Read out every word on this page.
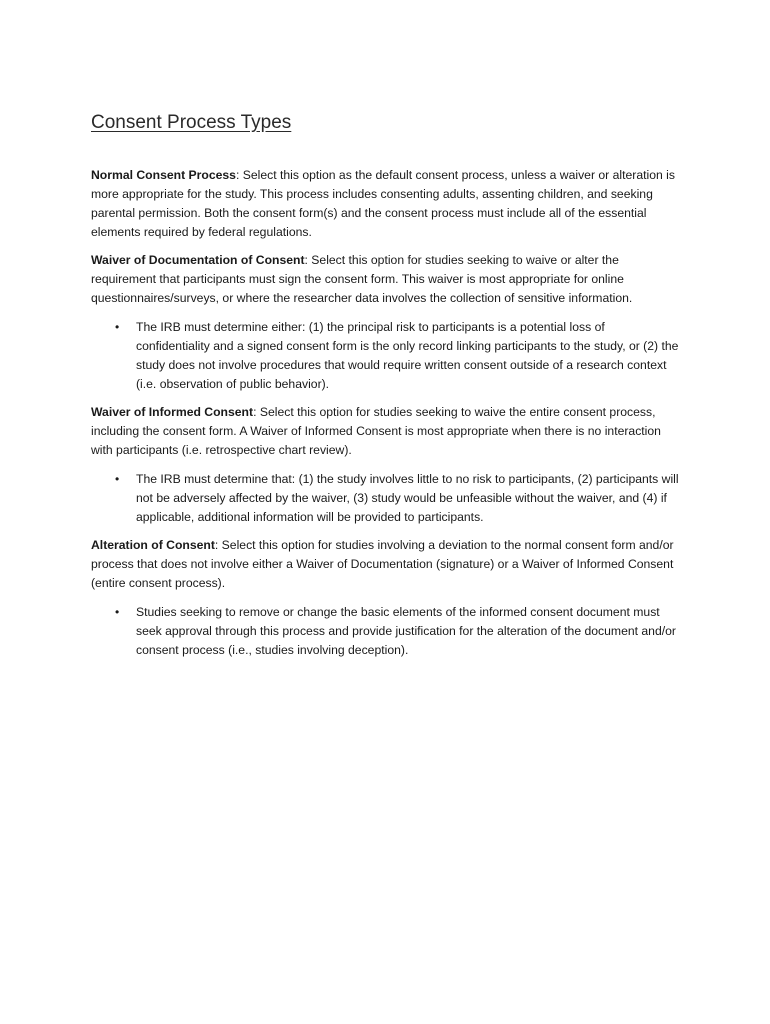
Consent Process Types

Normal Consent Process: Select this option as the default consent process, unless a waiver or alteration is more appropriate for the study. This process includes consenting adults, assenting children, and seeking parental permission. Both the consent form(s) and the consent process must include all of the essential elements required by federal regulations.

Waiver of Documentation of Consent: Select this option for studies seeking to waive or alter the requirement that participants must sign the consent form. This waiver is most appropriate for online questionnaires/surveys, or where the researcher data involves the collection of sensitive information.

• The IRB must determine either: (1) the principal risk to participants is a potential loss of confidentiality and a signed consent form is the only record linking participants to the study, or (2) the study does not involve procedures that would require written consent outside of a research context (i.e. observation of public behavior).

Waiver of Informed Consent: Select this option for studies seeking to waive the entire consent process, including the consent form. A Waiver of Informed Consent is most appropriate when there is no interaction with participants (i.e. retrospective chart review).

• The IRB must determine that: (1) the study involves little to no risk to participants, (2) participants will not be adversely affected by the waiver, (3) study would be unfeasible without the waiver, and (4) if applicable, additional information will be provided to participants.

Alteration of Consent: Select this option for studies involving a deviation to the normal consent form and/or process that does not involve either a Waiver of Documentation (signature) or a Waiver of Informed Consent (entire consent process).

• Studies seeking to remove or change the basic elements of the informed consent document must seek approval through this process and provide justification for the alteration of the document and/or consent process (i.e., studies involving deception).
